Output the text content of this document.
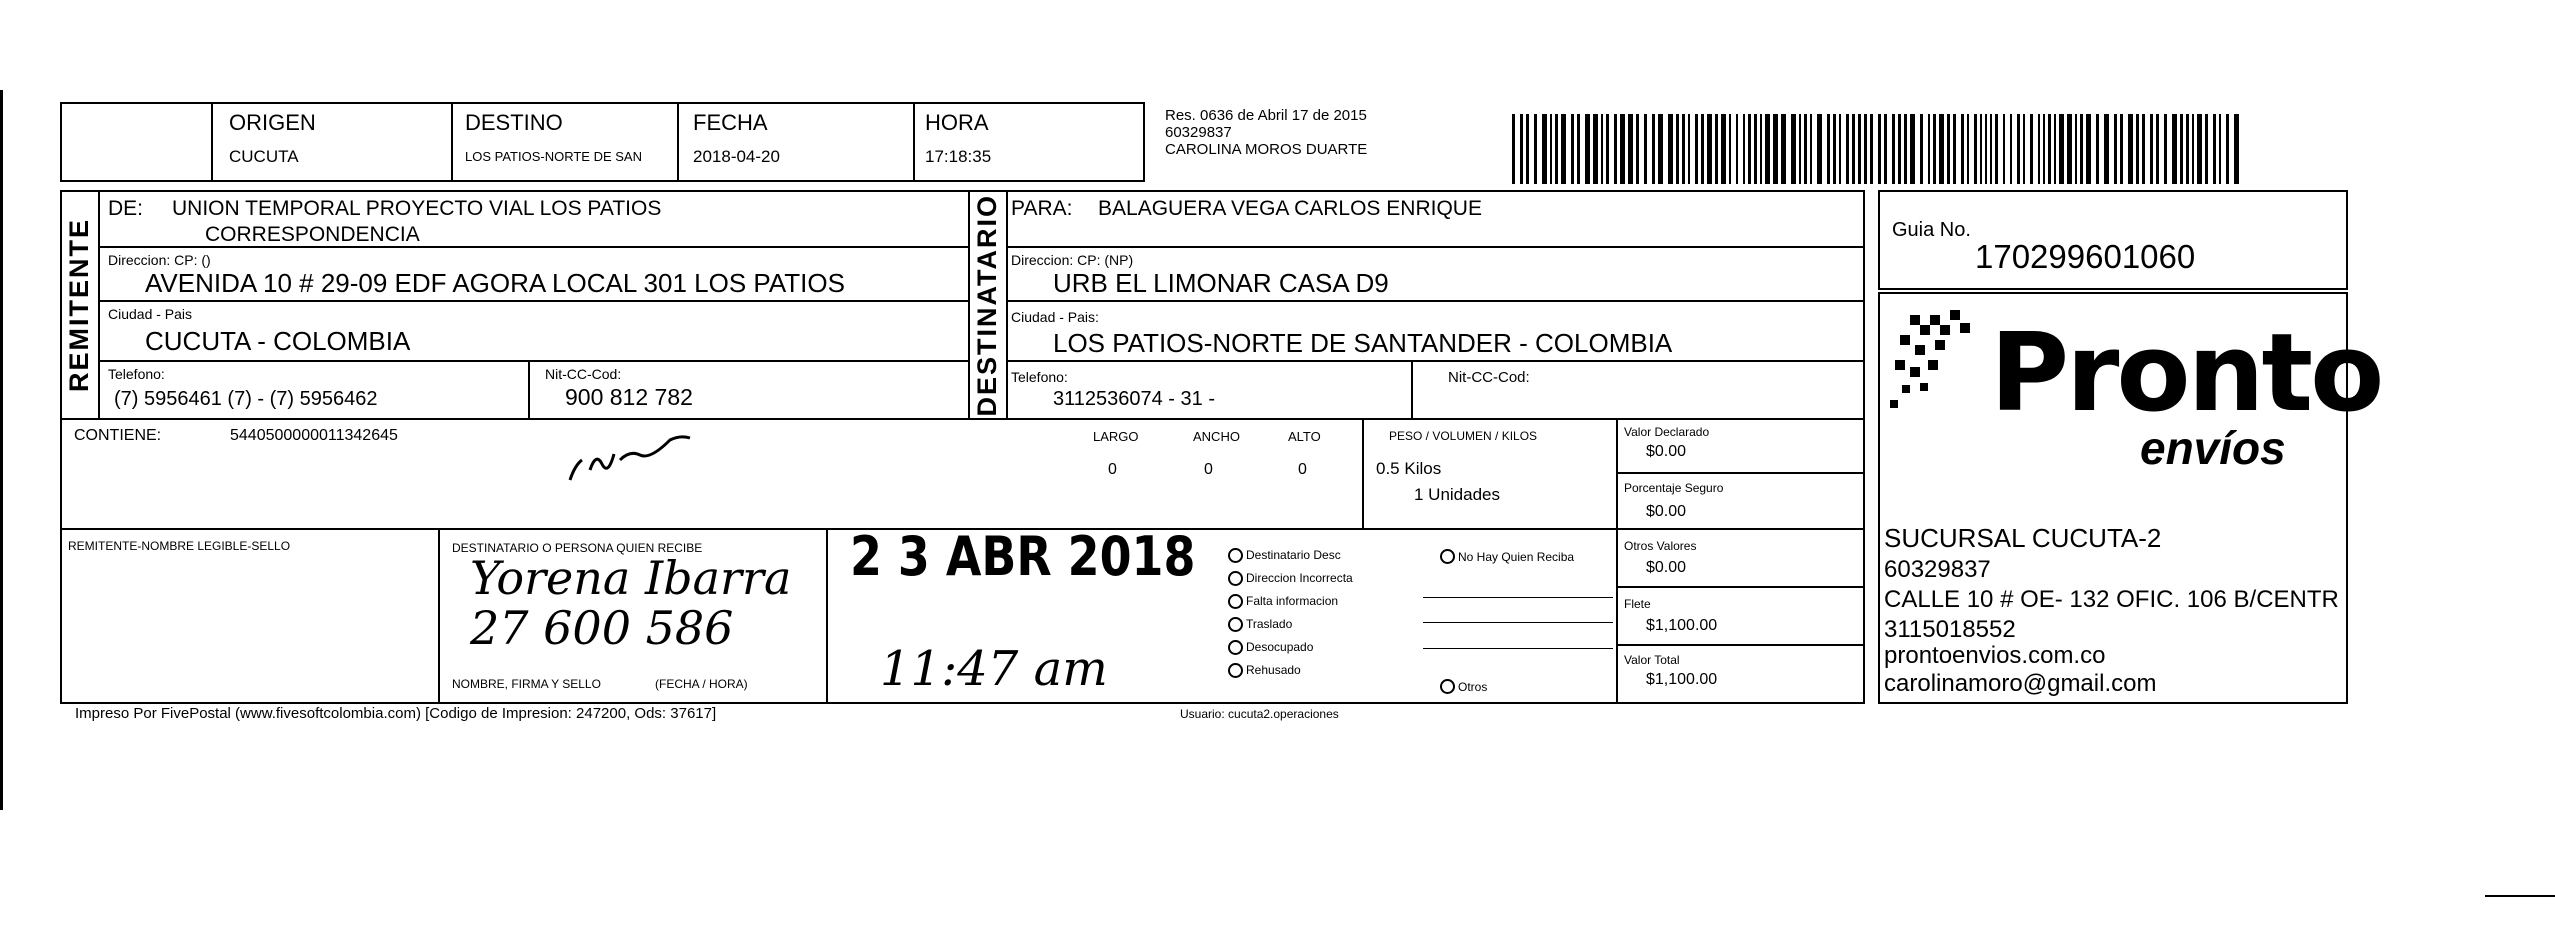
ORIGEN
CUCUTA
DESTINO
LOS PATIOS-NORTE DE SAN
FECHA
2018-04-20
HORA
17:18:35
Res. 0636 de Abril 17 de 2015
60329837
CAROLINA MOROS DUARTE
REMITENTE
DE: UNION TEMPORAL PROYECTO VIAL LOS PATIOS
CORRESPONDENCIA
Direccion: CP: ()
AVENIDA 10 # 29-09 EDF AGORA LOCAL 301 LOS PATIOS
Ciudad - Pais
CUCUTA - COLOMBIA
Telefono:
(7) 5956461 (7) - (7) 5956462
Nit-CC-Cod:
900 812 782	DESTINATARIO PARA: BALAGUERA VEGA CARLOS ENRIQUE
Direccion: CP: (NP)
URB EL LIMONAR CASA D9
Ciudad - Pais:
LOS PATIOS-NORTE DE SANTANDER - COLOMBIA
Telefono:
3112536074 - 31 -
Nit-CC-Cod:
CONTIENE:	5440500000011342645	LARGO	ANCHO	ALTO
0	0	0
PESO / VOLUMEN / KILOS
0.5 Kilos
1 Unidades
Valor Declarado
$0.00
Porcentaje Seguro
$0.00
Otros Valores
$0.00
Flete
$1,100.00
Valor Total
$1,100.00
REMITENTE-NOMBRE LEGIBLE-SELLO	DESTINATARIO O PERSONA QUIEN RECIBE
NOMBRE, FIRMA Y SELLO	(FECHA / HORA)
Yorena Ibarra
27 600 586
2 3 ABR 2018
11:47 am
Destinatario Desc
Direccion Incorrecta
Falta informacion
Traslado
Desocupado
Rehusado
No Hay Quien Reciba
Otros
Impreso Por FivePostal (www.fivesoftcolombia.com) [Codigo de Impresion: 247200, Ods: 37617]	Usuario: cucuta2.operaciones
Guia No.
170299601060
Pronto
envíos
SUCURSAL CUCUTA-2
60329837
CALLE 10 # OE- 132 OFIC. 106 B/CENTR
3115018552
prontoenvios.com.co
carolinamoro@gmail.com
